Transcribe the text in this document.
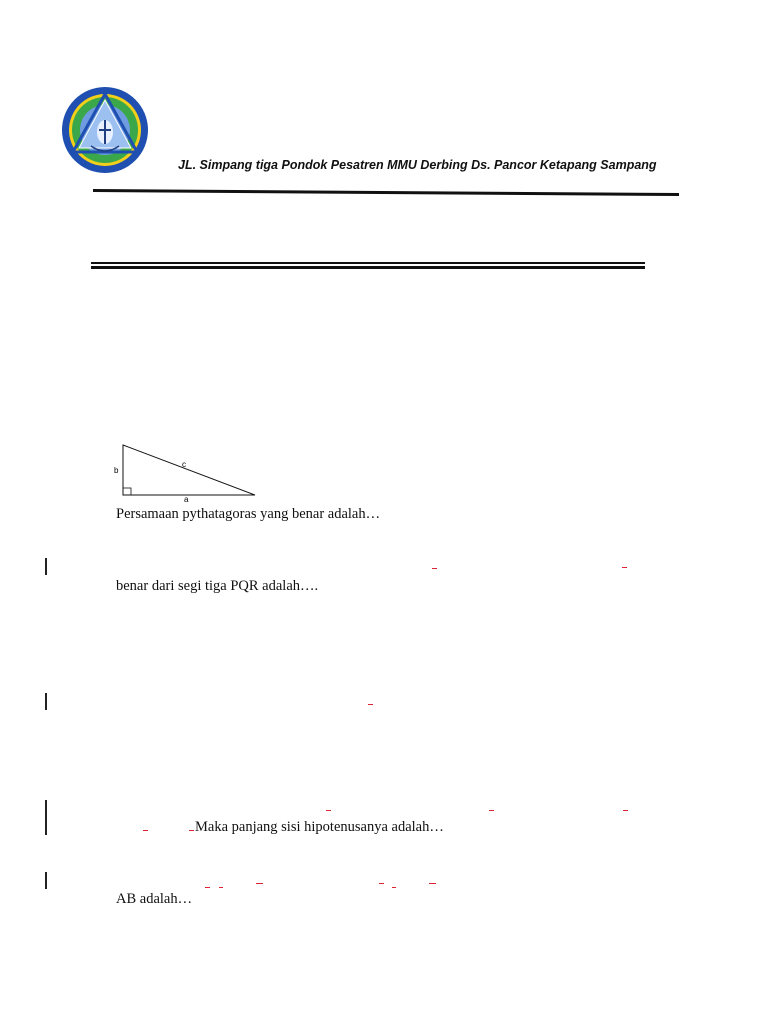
JL. Simpang tiga Pondok Pesatren MMU Derbing Ds. Pancor Ketapang Sampang
b
c
a
Persamaan pythatagoras yang benar adalah…
benar dari segi tiga PQR adalah….
Maka panjang sisi hipotenusanya adalah…
AB adalah…
